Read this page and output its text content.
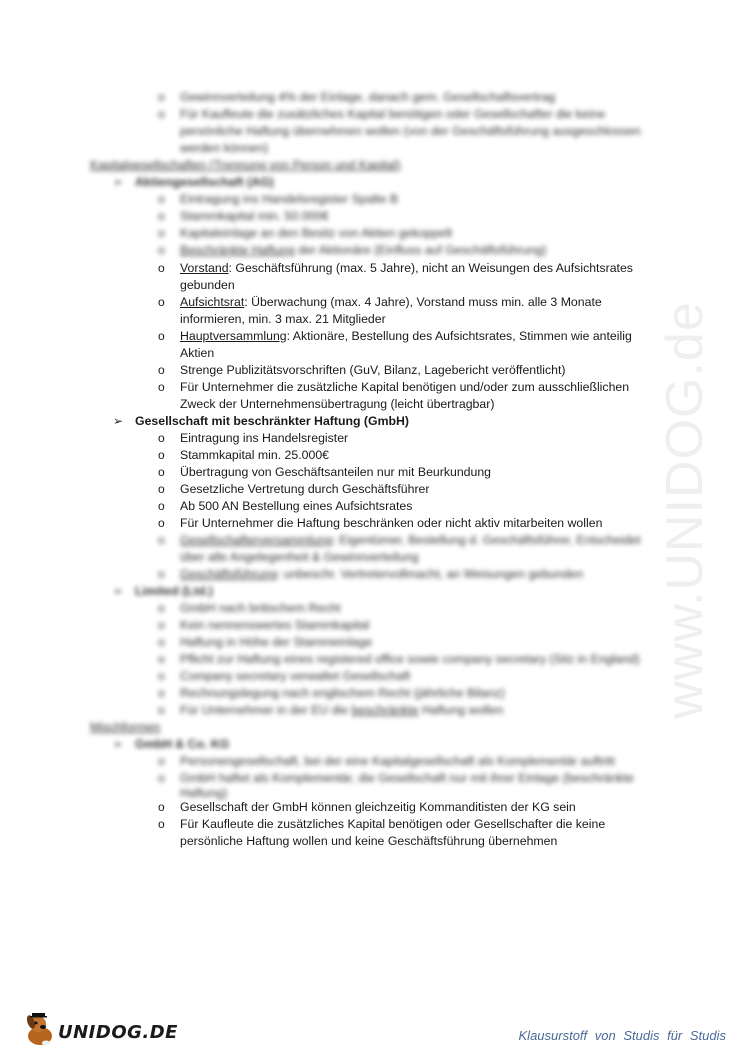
www.UNIDOG.de
o Gewinnverteilung 4% der Einlage, danach gem. Gesellschaftsvertrag
o Für Kaufleute die zusätzliches Kapital benötigen oder Gesellschafter die keine
persönliche Haftung übernehmen wollen (von der Geschäftsführung ausgeschlossen
werden können)
Kapitalgesellschaften (Trennung von Person und Kapital)
➢ Aktiengesellschaft (AG)
o Eintragung ins Handelsregister Spalte B
o Stammkapital min. 50.000€
o Kapitaleinlage an den Besitz von Aktien gekoppelt
o Beschränkte Haftung der Aktionäre (Einfluss auf Geschäftsführung)
o Vorstand: Geschäftsführung (max. 5 Jahre), nicht an Weisungen des Aufsichtsrates
gebunden
o Aufsichtsrat: Überwachung (max. 4 Jahre), Vorstand muss min. alle 3 Monate
informieren, min. 3 max. 21 Mitglieder
o Hauptversammlung: Aktionäre, Bestellung des Aufsichtsrates, Stimmen wie anteilig
Aktien
o Strenge Publizitätsvorschriften (GuV, Bilanz, Lagebericht veröffentlicht)
o Für Unternehmer die zusätzliche Kapital benötigen und/oder zum ausschließlichen
Zweck der Unternehmensübertragung (leicht übertragbar)
➢ Gesellschaft mit beschränkter Haftung (GmbH)
o Eintragung ins Handelsregister
o Stammkapital min. 25.000€
o Übertragung von Geschäftsanteilen nur mit Beurkundung
o Gesetzliche Vertretung durch Geschäftsführer
o Ab 500 AN Bestellung eines Aufsichtsrates
o Für Unternehmer die Haftung beschränken oder nicht aktiv mitarbeiten wollen
o Gesellschafterversammlung: Eigentümer, Bestellung d. Geschäftsführer, Entscheidet
über alle Angelegenheit & Gewinnverteilung
o Geschäftsführung: unbeschr. Vertretervollmacht, an Weisungen gebunden
➢ Limited (Ltd.)
o GmbH nach britischem Recht
o Kein nennenswertes Stammkapital
o Haftung in Höhe der Stammeinlage
o Pflicht zur Haftung eines registered office sowie company secretary (Sitz in England)
o Company secretary verwaltet Gesellschaft
o Rechnungslegung nach englischem Recht (jährliche Bilanz)
o Für Unternehmer in der EU die beschränkte Haftung wollen
Mischformen
➢ GmbH & Co. KG
o Personengesellschaft, bei der eine Kapitalgesellschaft als Komplementär auftritt
o GmbH haftet als Komplementär, die Gesellschaft nur mit ihrer Einlage (beschränkte
Haftung)
o Gesellschaft der GmbH können gleichzeitig Kommanditisten der KG sein
o Für Kaufleute die zusätzliches Kapital benötigen oder Gesellschafter die keine
persönliche Haftung wollen und keine Geschäftsführung übernehmen
UNIDOG.DE	Klausurstoff von Studis für Studis
